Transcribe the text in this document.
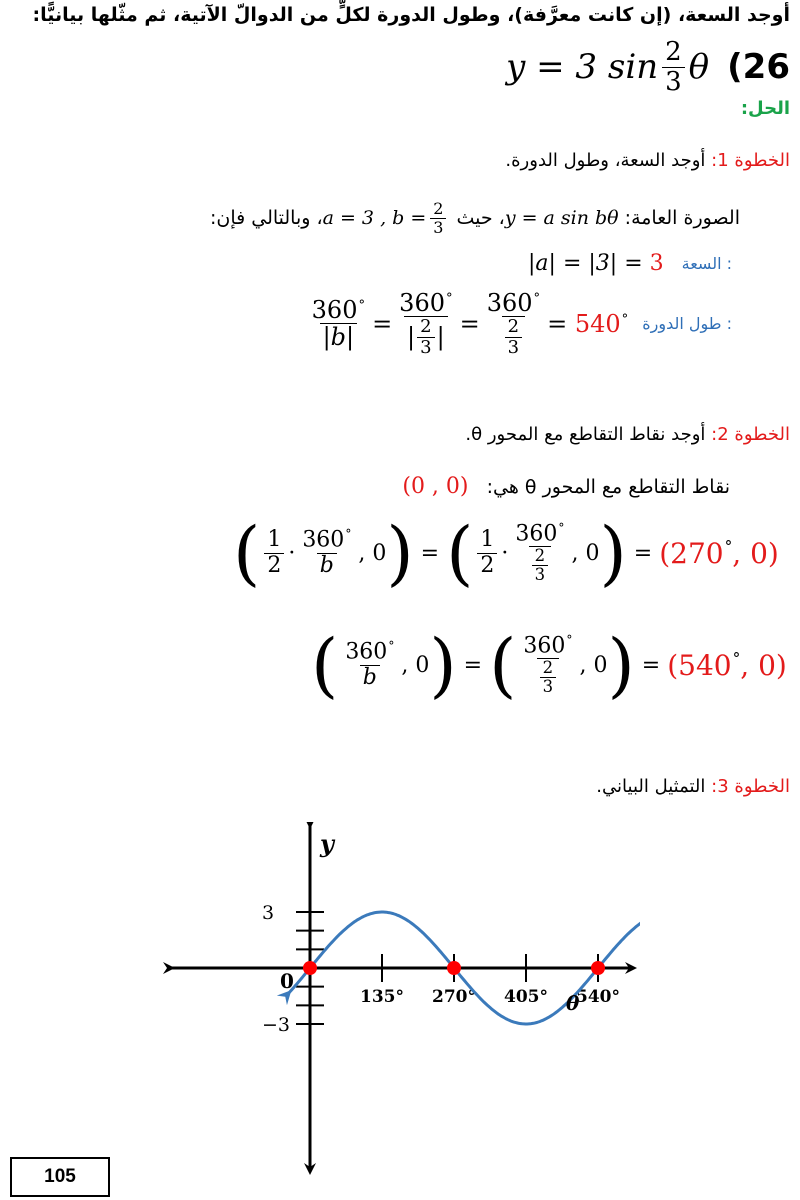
أوجد السعة، (إن كانت معرَّفة)، وطول الدورة لكلٍّ من الدوالّ الآتية، ثم مثّلها بيانيًّا:
y = 3 $\sin \frac{2}{3}$ θ (26
الحل:
الخطوة 1: أوجد السعة، وطول الدورة.
الصورة العامة:

y = a sin bθ
، حيث

a = 3 , $b = \frac{2}{3}$
، وبالتالي فإن:
|a| = |3| =
3 السعة :
$\frac{360^\circ}{|b|} = \frac{360^\circ}{| \frac{2}{3} |} = \frac{360^\circ}{\frac{2}{3}}$ =
540° طول الدورة :
الخطوة 2: أوجد نقاط التقاطع مع المحور θ.
نقاط التقاطع مع المحور θ هي:

(0 , 0)
( $\frac{1}{2} \cdot \frac{360^\circ}{b}$ , 0 ) = ( $\frac{1}{2} \cdot \frac{360^\circ}{\frac{2}{3}}$ , 0 ) = (270°, 0)
( $\frac{360^\circ}{b}$ , 0 ) = ( $\frac{360^\circ}{\frac{2}{3}}$ , 0 ) = (540°, 0)
الخطوة 3: التمثيل البياني.
3
−3
135° 270° 405° 540°
y
θ
0
105
